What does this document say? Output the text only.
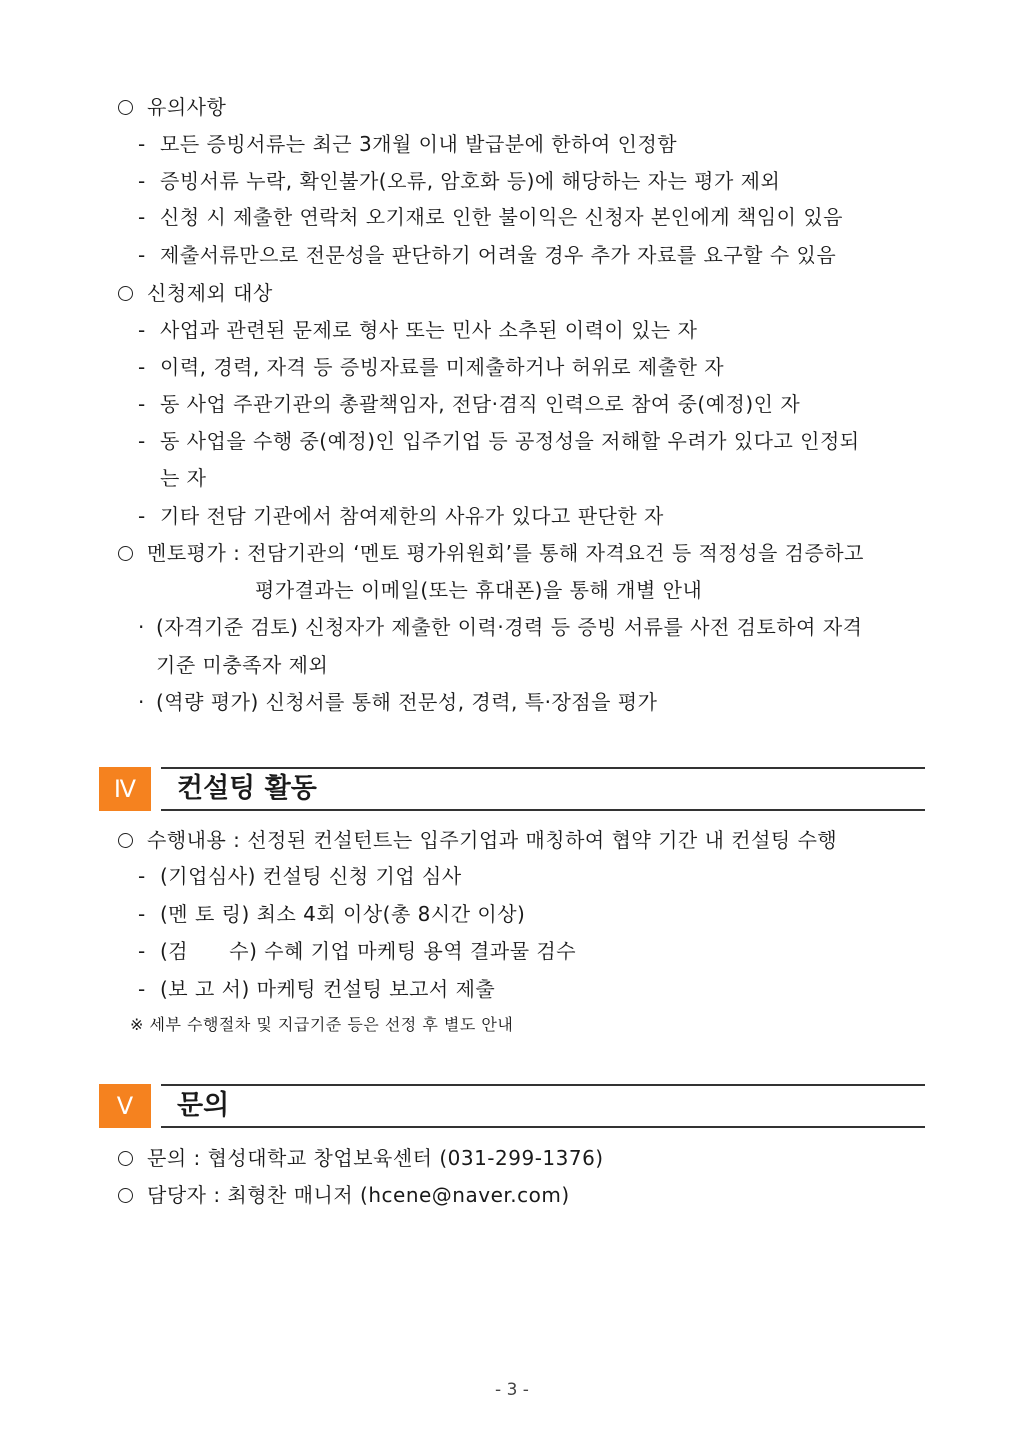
유의사항
- 모든 증빙서류는 최근 3개월 이내 발급분에 한하여 인정함
- 증빙서류 누락, 확인불가(오류, 암호화 등)에 해당하는 자는 평가 제외
- 신청 시 제출한 연락처 오기재로 인한 불이익은 신청자 본인에게 책임이 있음
- 제출서류만으로 전문성을 판단하기 어려울 경우 추가 자료를 요구할 수 있음
신청제외 대상
- 사업과 관련된 문제로 형사 또는 민사 소추된 이력이 있는 자
- 이력, 경력, 자격 등 증빙자료를 미제출하거나 허위로 제출한 자
- 동 사업 주관기관의 총괄책임자, 전담·겸직 인력으로 참여 중(예정)인 자
- 동 사업을 수행 중(예정)인 입주기업 등 공정성을 저해할 우려가 있다고 인정되
는 자
- 기타 전담 기관에서 참여제한의 사유가 있다고 판단한 자
멘토평가 : 전담기관의 ‘멘토 평가위원회’를 통해 자격요건 등 적정성을 검증하고
평가결과는 이메일(또는 휴대폰)을 통해 개별 안내
· (자격기준 검토) 신청자가 제출한 이력·경력 등 증빙 서류를 사전 검토하여 자격
기준 미충족자 제외
· (역량 평가) 신청서를 통해 전문성, 경력, 특·장점을 평가
Ⅳ	컨설팅 활동
수행내용 : 선정된 컨설턴트는 입주기업과 매칭하여 협약 기간 내 컨설팅 수행
- (기업심사) 컨설팅 신청 기업 심사
- (멘 토 링) 최소 4회 이상(총 8시간 이상)
- (검      수) 수혜 기업 마케팅 용역 결과물 검수
- (보 고 서) 마케팅 컨설팅 보고서 제출
※ 세부 수행절차 및 지급기준 등은 선정 후 별도 안내
Ⅴ	문의
문의 : 협성대학교 창업보육센터 (031-299-1376)
담당자 : 최형찬 매니저 (hcene@naver.com)
- 3 -
